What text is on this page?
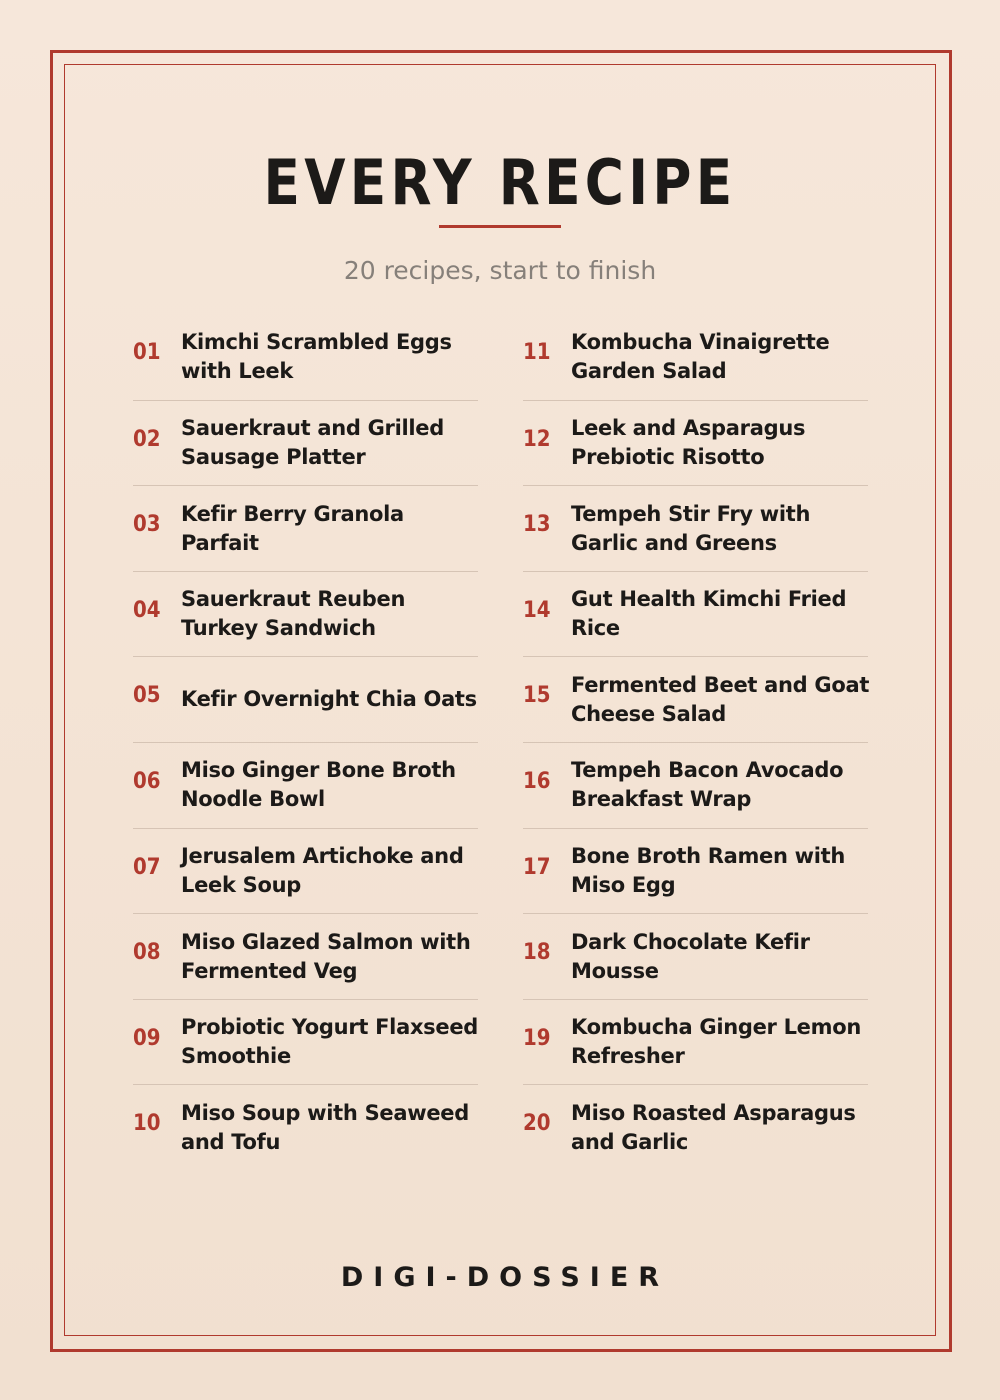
EVERY RECIPE
20 recipes, start to finish
01 Kimchi Scrambled Eggs with Leek
02 Sauerkraut and Grilled Sausage Platter
03 Kefir Berry Granola Parfait
04 Sauerkraut Reuben Turkey Sandwich
05 Kefir Overnight Chia Oats
06 Miso Ginger Bone Broth Noodle Bowl
07 Jerusalem Artichoke and Leek Soup
08 Miso Glazed Salmon with Fermented Veg
09 Probiotic Yogurt Flaxseed Smoothie
10 Miso Soup with Seaweed and Tofu
11 Kombucha Vinaigrette Garden Salad
12 Leek and Asparagus Prebiotic Risotto
13 Tempeh Stir Fry with Garlic and Greens
14 Gut Health Kimchi Fried Rice
15 Fermented Beet and Goat Cheese Salad
16 Tempeh Bacon Avocado Breakfast Wrap
17 Bone Broth Ramen with Miso Egg
18 Dark Chocolate Kefir Mousse
19 Kombucha Ginger Lemon Refresher
20 Miso Roasted Asparagus and Garlic
DIGI-DOSSIER
